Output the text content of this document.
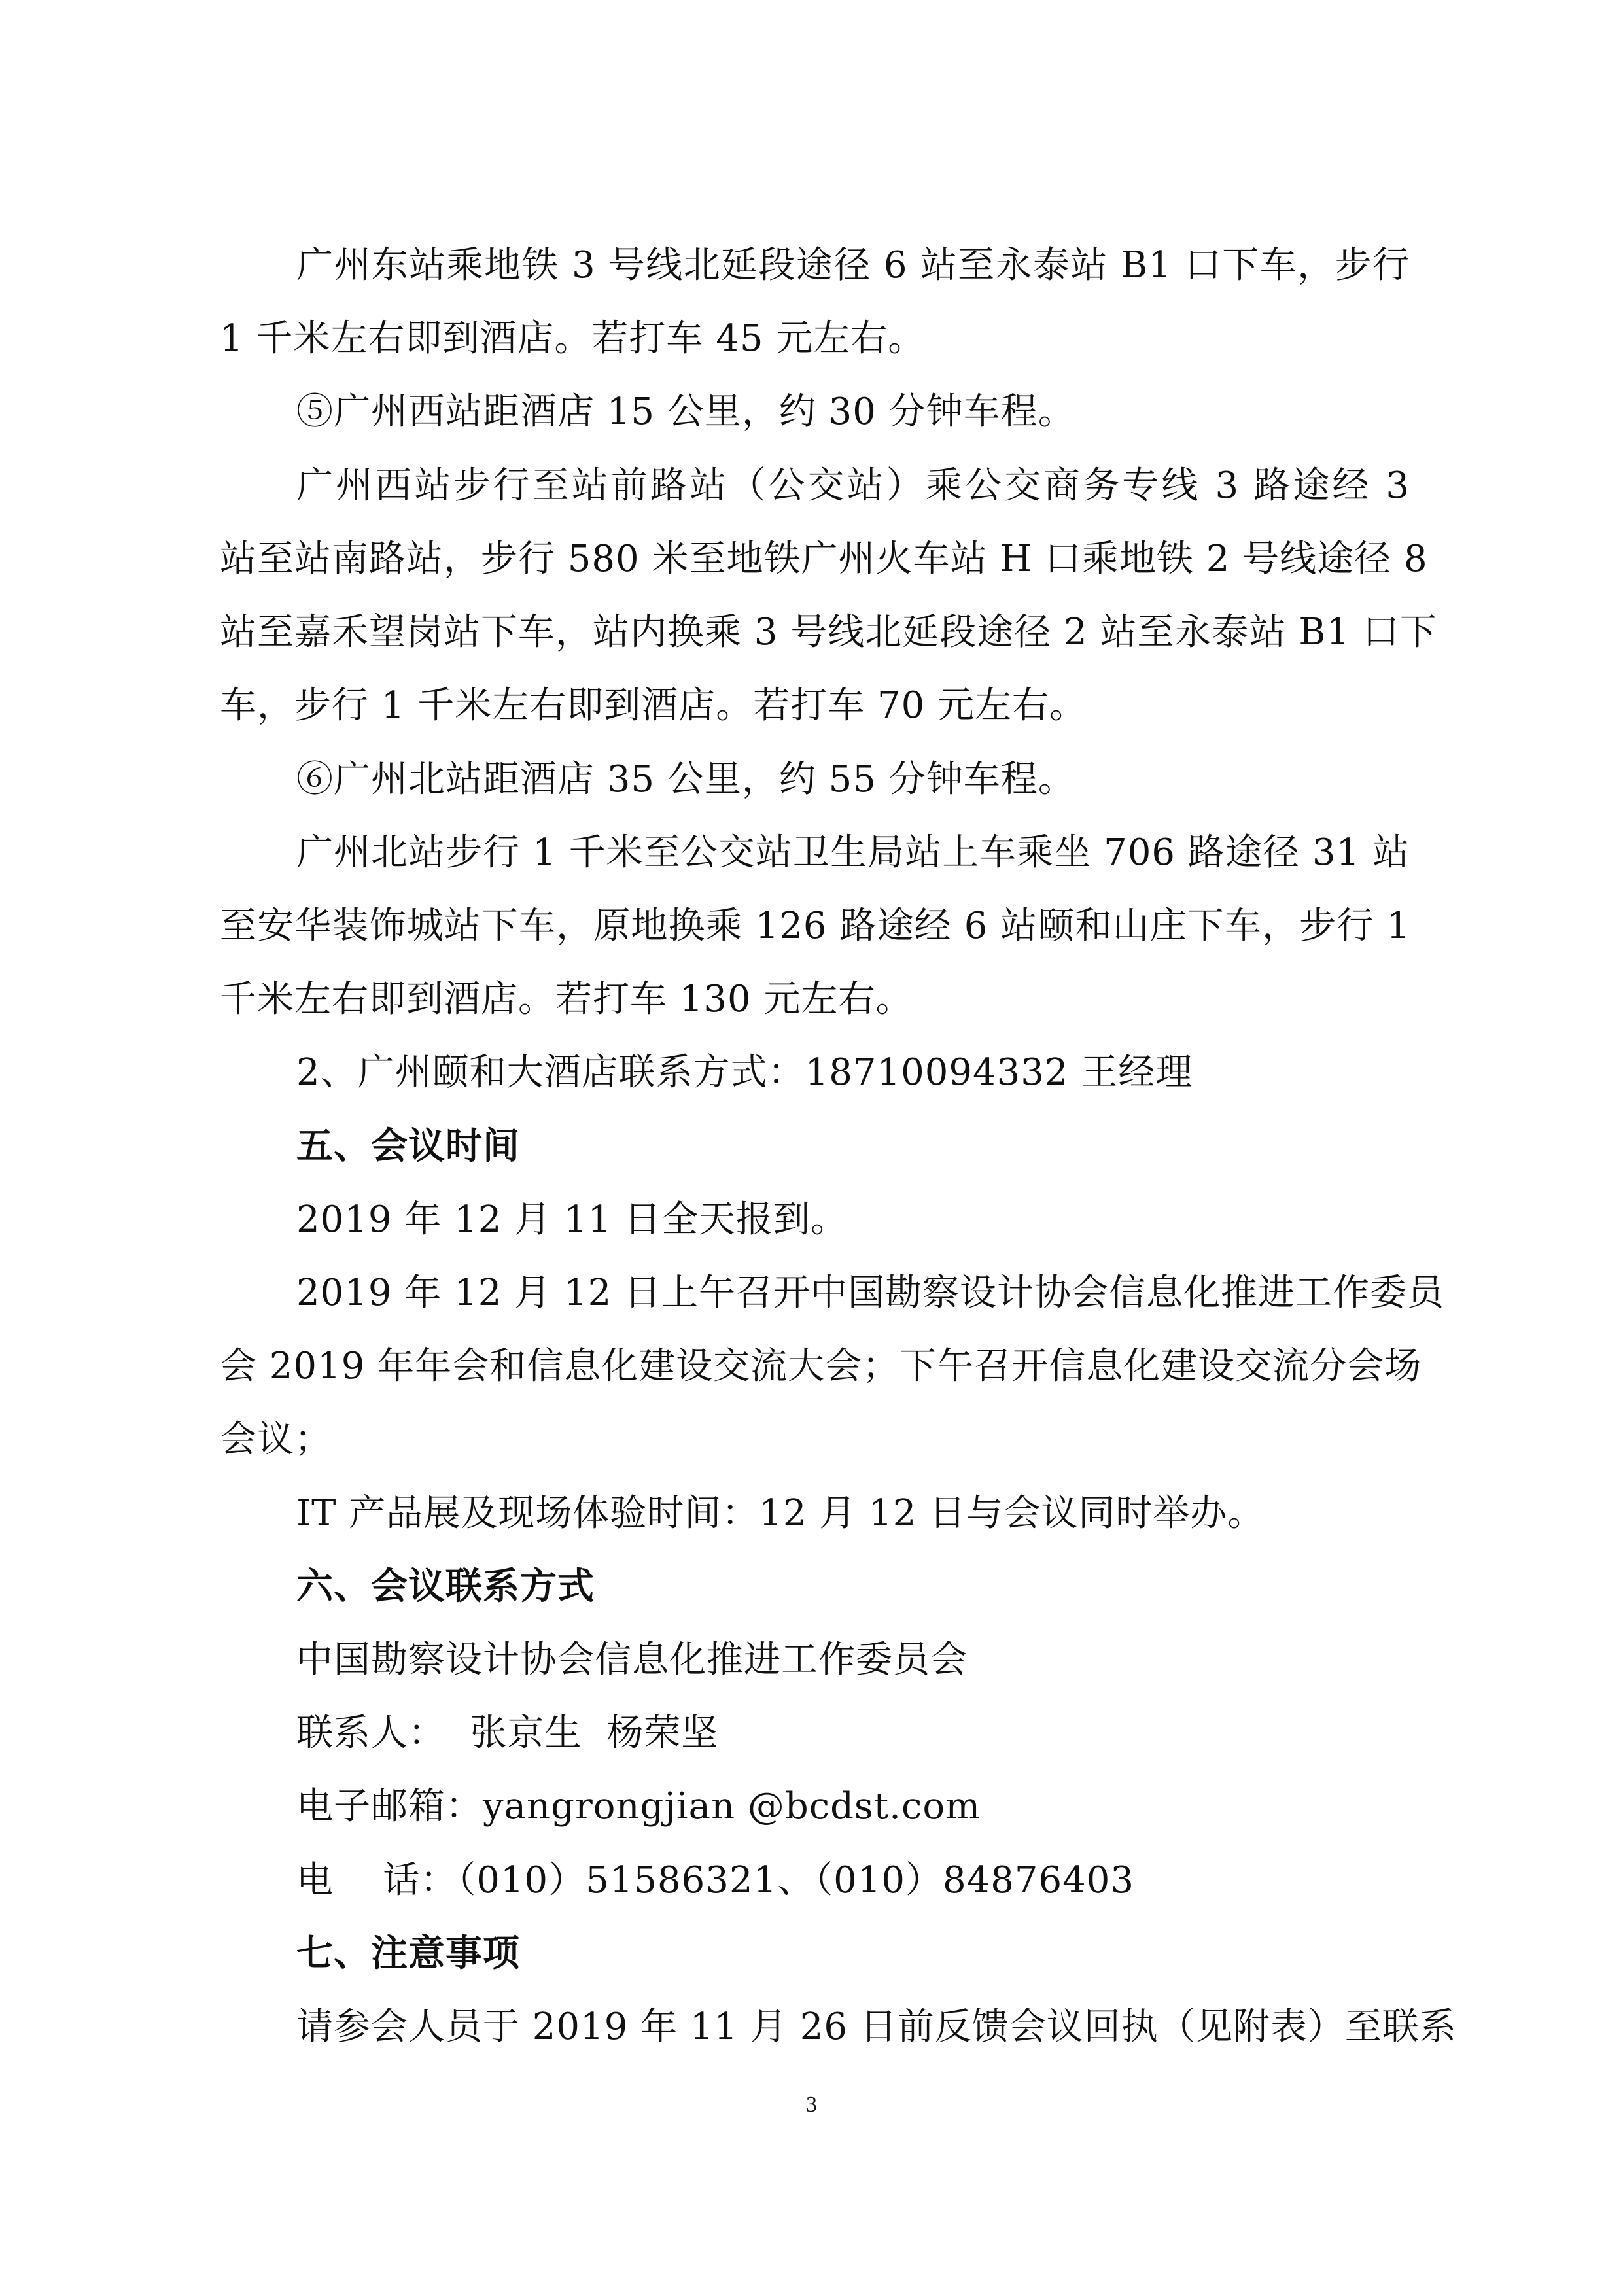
广州东站乘地铁 3 号线北延段途径 6 站至永泰站 B1 口下车，步行
1 千米左右即到酒店。若打车 45 元左右。
⑤广州西站距酒店 15 公里，约 30 分钟车程。
广州西站步行至站前路站（公交站）乘公交商务专线 3 路途经 3
站至站南路站，步行 580 米至地铁广州火车站 H 口乘地铁 2 号线途径 8
站至嘉禾望岗站下车，站内换乘 3 号线北延段途径 2 站至永泰站 B1 口下
车，步行 1 千米左右即到酒店。若打车 70 元左右。
⑥广州北站距酒店 35 公里，约 55 分钟车程。
广州北站步行 1 千米至公交站卫生局站上车乘坐 706 路途径 31 站
至安华装饰城站下车，原地换乘 126 路途经 6 站颐和山庄下车，步行 1
千米左右即到酒店。若打车 130 元左右。
2、广州颐和大酒店联系方式：18710094332 王经理
五、会议时间
2019 年 12 月 11 日全天报到。
2019 年 12 月 12 日上午召开中国勘察设计协会信息化推进工作委员
会 2019 年年会和信息化建设交流大会；下午召开信息化建设交流分会场
会议；
IT 产品展及现场体验时间：12 月 12 日与会议同时举办。
六、会议联系方式
中国勘察设计协会信息化推进工作委员会
联系人：  张京生  杨荣坚
电子邮箱：yangrongjian @bcdst.com
电    话：（010）51586321、（010）84876403
七、注意事项
请参会人员于 2019 年 11 月 26 日前反馈会议回执（见附表）至联系
3
